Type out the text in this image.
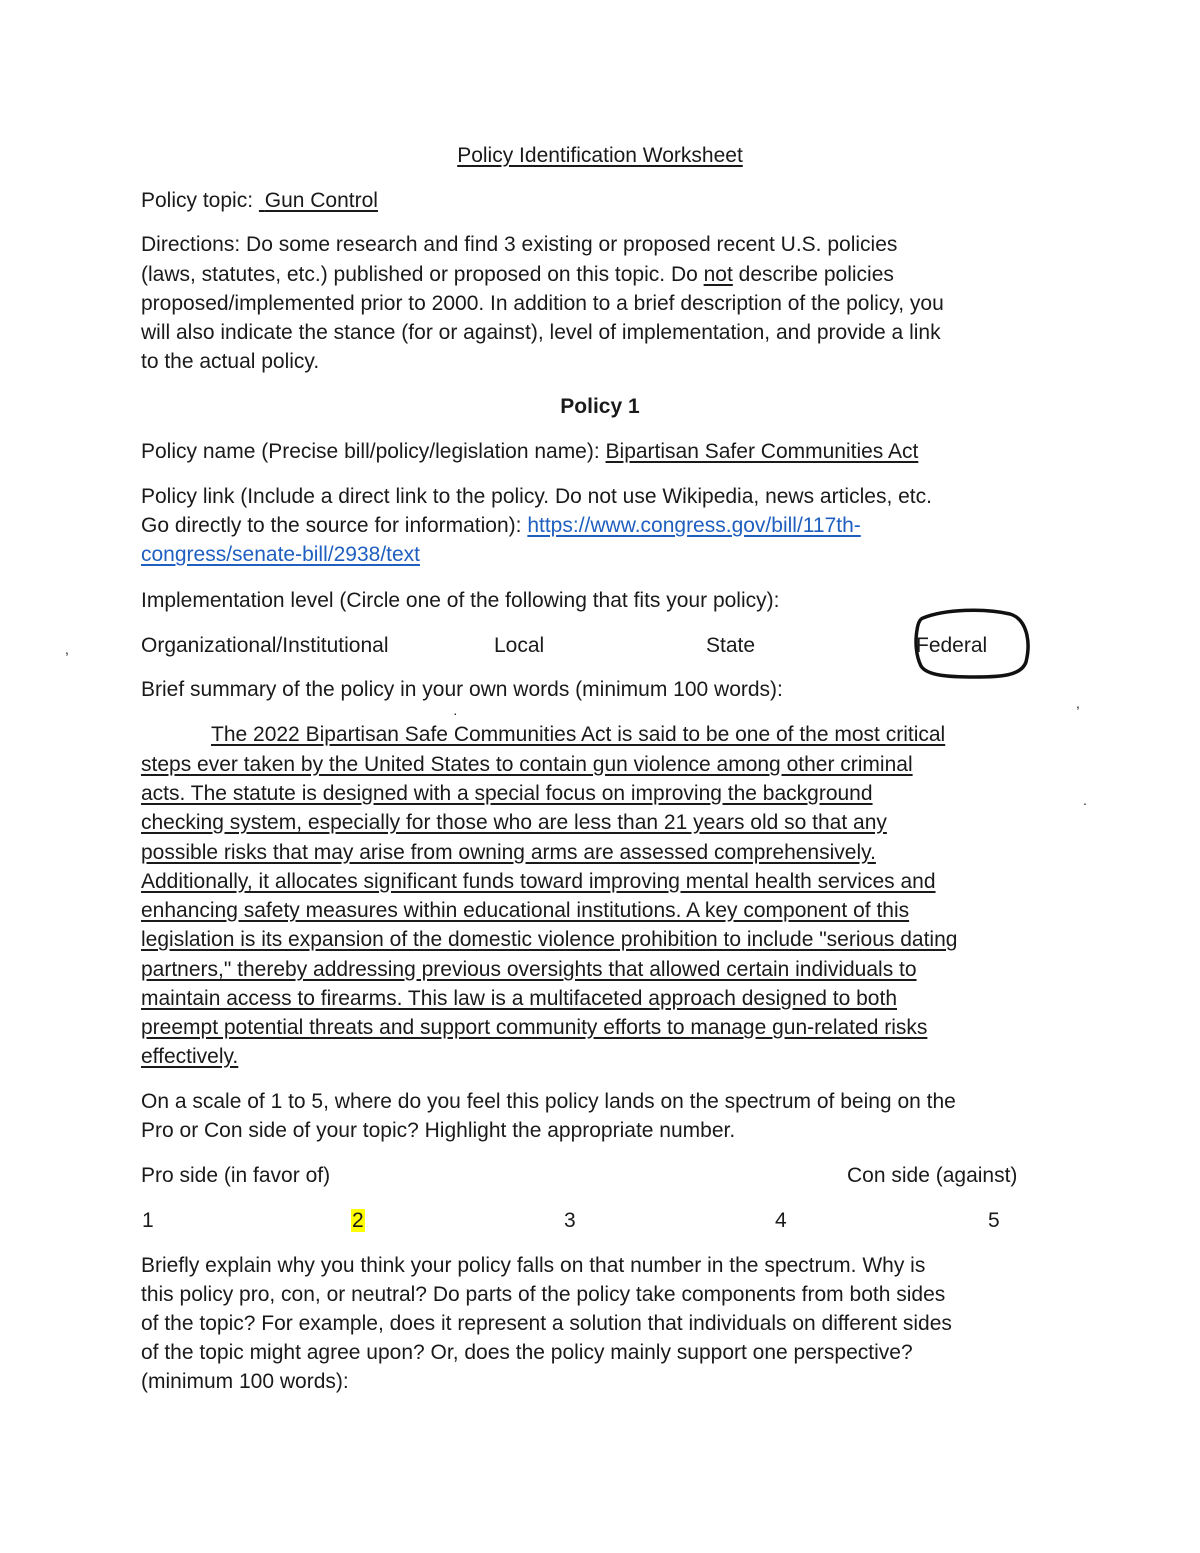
Policy Identification Worksheet
Policy topic: Gun Control
Directions: Do some research and find 3 existing or proposed recent U.S. policies
(laws, statutes, etc.) published or proposed on this topic. Do not describe policies
proposed/implemented prior to 2000. In addition to a brief description of the policy, you
will also indicate the stance (for or against), level of implementation, and provide a link
to the actual policy.
Policy 1
Policy name (Precise bill/policy/legislation name): Bipartisan Safer Communities Act
Policy link (Include a direct link to the policy. Do not use Wikipedia, news articles, etc.
Go directly to the source for information): https://www.congress.gov/bill/117th-
congress/senate-bill/2938/text
Implementation level (Circle one of the following that fits your policy):
,	Organizational/Institutional	Local	State	Federal
Brief summary of the policy in your own words (minimum 100 words):
,
·
.
The 2022 Bipartisan Safe Communities Act is said to be one of the most critical
steps ever taken by the United States to contain gun violence among other criminal
acts. The statute is designed with a special focus on improving the background
checking system, especially for those who are less than 21 years old so that any
possible risks that may arise from owning arms are assessed comprehensively.
Additionally, it allocates significant funds toward improving mental health services and
enhancing safety measures within educational institutions. A key component of this
legislation is its expansion of the domestic violence prohibition to include "serious dating
partners," thereby addressing previous oversights that allowed certain individuals to
maintain access to firearms. This law is a multifaceted approach designed to both
preempt potential threats and support community efforts to manage gun-related risks
effectively.
On a scale of 1 to 5, where do you feel this policy lands on the spectrum of being on the
Pro or Con side of your topic? Highlight the appropriate number.
Pro side (in favor of)	Con side (against)
1	2	3	4	5
Briefly explain why you think your policy falls on that number in the spectrum. Why is
this policy pro, con, or neutral? Do parts of the policy take components from both sides
of the topic? For example, does it represent a solution that individuals on different sides
of the topic might agree upon? Or, does the policy mainly support one perspective?
(minimum 100 words):
